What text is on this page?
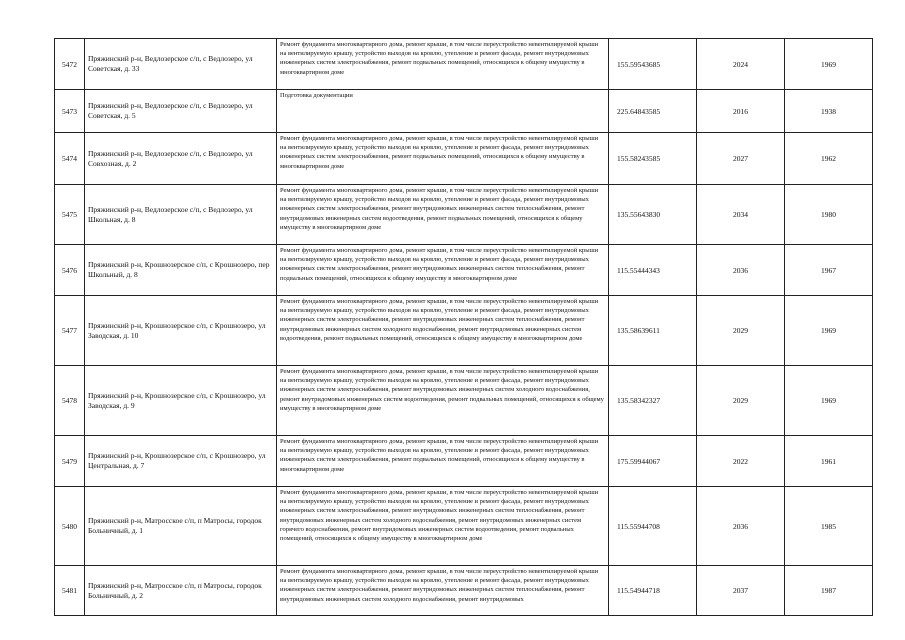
5472	Пряжинский р-н, Ведлозерское с/п, с Ведлозеро, ул Советская, д. 33	Ремонт фундамента многоквартирного дома, ремонт крыши, в том числе переустройство невентилируемой крыши на вентилируемую крышу, устройство выходов на кровлю, утепление и ремонт фасада, ремонт внутридомовых инженерных систем электроснабжения, ремонт подвальных помещений, относящихся к общему имуществу в многоквартирном доме	155.59543685	2024	1969
5473	Пряжинский р-н, Ведлозерское с/п, с Ведлозеро, ул Советская, д. 5	Подготовка документации	225.64843585	2016	1938
5474	Пряжинский р-н, Ведлозерское с/п, с Ведлозеро, ул Совхозная, д. 2	Ремонт фундамента многоквартирного дома, ремонт крыши, в том числе переустройство невентилируемой крыши на вентилируемую крышу, устройство выходов на кровлю, утепление и ремонт фасада, ремонт внутридомовых инженерных систем электроснабжения, ремонт подвальных помещений, относящихся к общему имуществу в многоквартирном доме	155.58243585	2027	1962
5475	Пряжинский р-н, Ведлозерское с/п, с Ведлозеро, ул Школьная, д. 8	Ремонт фундамента многоквартирного дома, ремонт крыши, в том числе переустройство невентилируемой крыши на вентилируемую крышу, устройство выходов на кровлю, утепление и ремонт фасада, ремонт внутридомовых инженерных систем электроснабжения, ремонт внутридомовых инженерных систем теплоснабжения, ремонт внутридомовых инженерных систем водоотведения, ремонт подвальных помещений, относящихся к общему имуществу в многоквартирном доме	135.55643830	2034	1980
5476	Пряжинский р-н, Крошнозерское с/п, с Крошнозеро, пер Школьный, д. 8	Ремонт фундамента многоквартирного дома, ремонт крыши, в том числе переустройство невентилируемой крыши на вентилируемую крышу, устройство выходов на кровлю, утепление и ремонт фасада, ремонт внутридомовых инженерных систем электроснабжения, ремонт внутридомовых инженерных систем теплоснабжения, ремонт подвальных помещений, относящихся к общему имуществу в многоквартирном доме	115.55444343	2036	1967
5477	Пряжинский р-н, Крошнозерское с/п, с Крошнозеро, ул Заводская, д. 10	Ремонт фундамента многоквартирного дома, ремонт крыши, в том числе переустройство невентилируемой крыши на вентилируемую крышу, устройство выходов на кровлю, утепление и ремонт фасада, ремонт внутридомовых инженерных систем электроснабжения, ремонт внутридомовых инженерных систем теплоснабжения, ремонт внутридомовых инженерных систем холодного водоснабжения, ремонт внутридомовых инженерных систем водоотведения, ремонт подвальных помещений, относящихся к общему имуществу в многоквартирном доме	135.58639611	2029	1969
5478	Пряжинский р-н, Крошнозерское с/п, с Крошнозеро, ул Заводская, д. 9	Ремонт фундамента многоквартирного дома, ремонт крыши, в том числе переустройство невентилируемой крыши на вентилируемую крышу, устройство выходов на кровлю, утепление и ремонт фасада, ремонт внутридомовых инженерных систем электроснабжения, ремонт внутридомовых инженерных систем холодного водоснабжения, ремонт внутридомовых инженерных систем водоотведения, ремонт подвальных помещений, относящихся к общему имуществу в многоквартирном доме	135.58342327	2029	1969
5479	Пряжинский р-н, Крошнозерское с/п, с Крошнозеро, ул Центральная, д. 7	Ремонт фундамента многоквартирного дома, ремонт крыши, в том числе переустройство невентилируемой крыши на вентилируемую крышу, устройство выходов на кровлю, утепление и ремонт фасада, ремонт внутридомовых инженерных систем электроснабжения, ремонт подвальных помещений, относящихся к общему имуществу в многоквартирном доме	175.59944067	2022	1961
5480	Пряжинский р-н, Матросское с/п, п Матросы, городок Больничный, д. 1	Ремонт фундамента многоквартирного дома, ремонт крыши, в том числе переустройство невентилируемой крыши на вентилируемую крышу, устройство выходов на кровлю, утепление и ремонт фасада, ремонт внутридомовых инженерных систем электроснабжения, ремонт внутридомовых инженерных систем теплоснабжения, ремонт внутридомовых инженерных систем холодного водоснабжения, ремонт внутридомовых инженерных систем горячего водоснабжения, ремонт внутридомовых инженерных систем водоотведения, ремонт подвальных помещений, относящихся к общему имуществу в многоквартирном доме	115.55944708	2036	1985
5481	Пряжинский р-н, Матросское с/п, п Матросы, городок Больничный, д. 2	Ремонт фундамента многоквартирного дома, ремонт крыши, в том числе переустройство невентилируемой крыши на вентилируемую крышу, устройство выходов на кровлю, утепление и ремонт фасада, ремонт внутридомовых инженерных систем электроснабжения, ремонт внутридомовых инженерных систем теплоснабжения, ремонт внутридомовых инженерных систем холодного водоснабжения, ремонт внутридомовых	115.54944718	2037	1987
